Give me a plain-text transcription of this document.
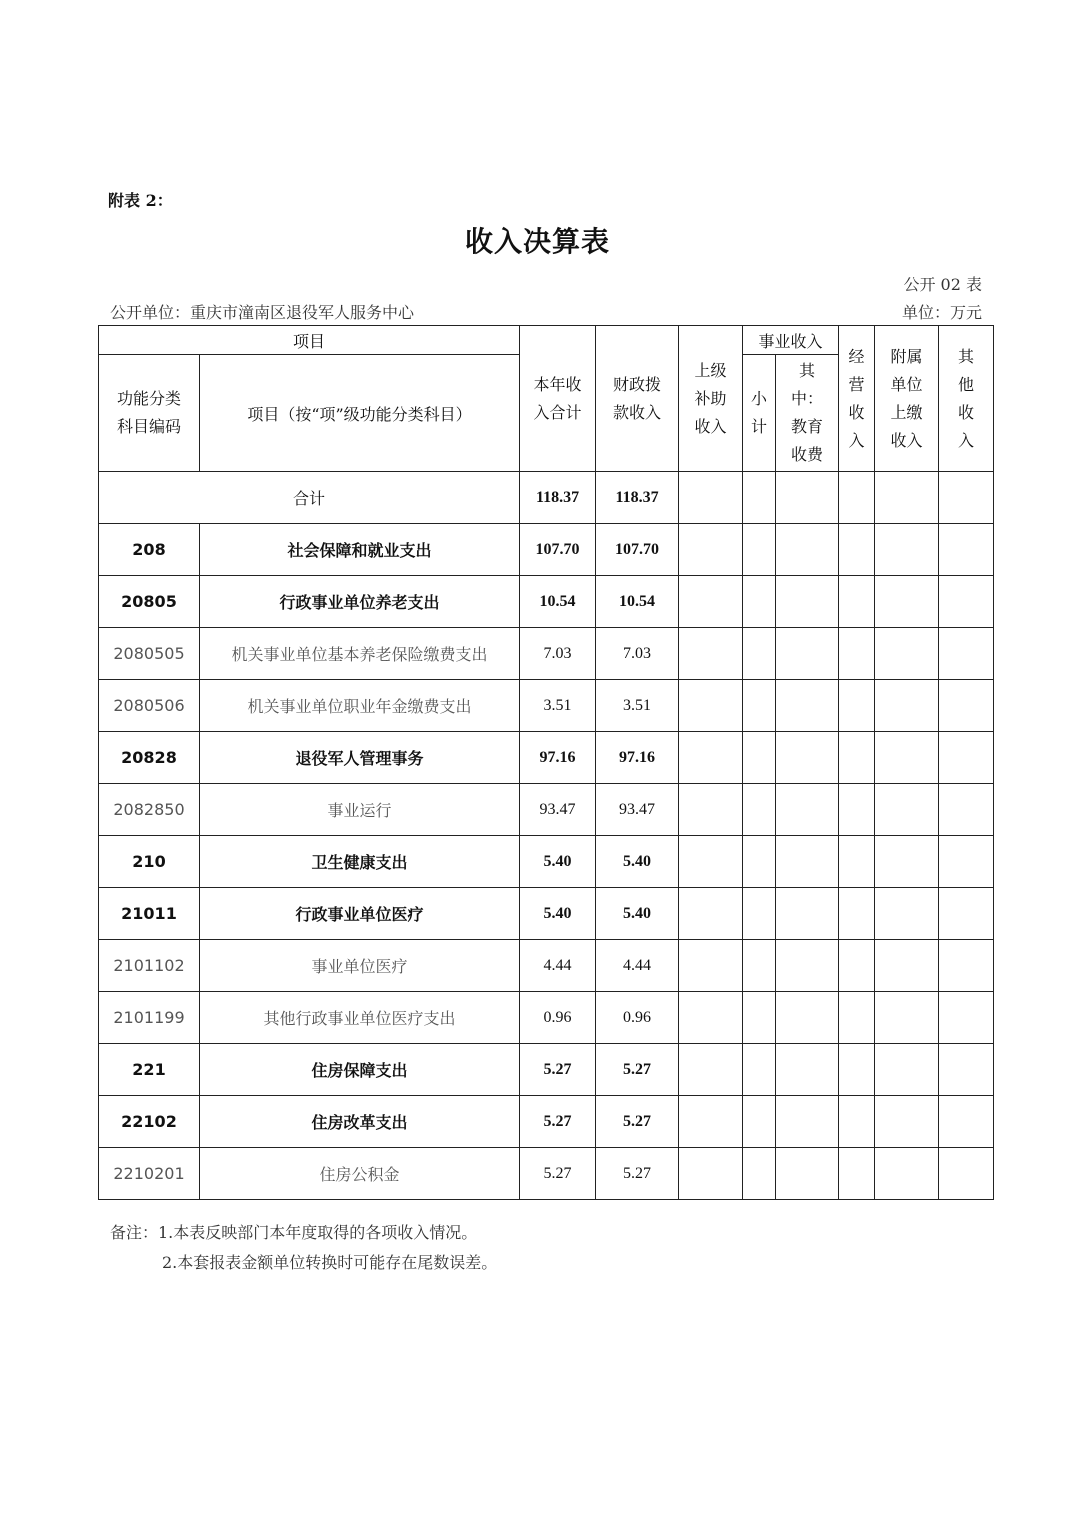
附表 2：
收入决算表
公开 02 表
公开单位：重庆市潼南区退役军人服务中心	单位：万元
项目		本年收入合计	财政拨款收入	上级补助收入	事业收入		经营收入	附属单位上缴收入	其他收入

功能分类科目编码	项目（按“项”级功能分类科目）				小计	其中：教育收费			

合计		118.37	118.37						
208	社会保障和就业支出	107.70	107.70						
20805	行政事业单位养老支出	10.54	10.54						
2080505	机关事业单位基本养老保险缴费支出	7.03	7.03						
2080506	机关事业单位职业年金缴费支出	3.51	3.51						
20828	退役军人管理事务	97.16	97.16						
2082850	事业运行	93.47	93.47						
210	卫生健康支出	5.40	5.40						
21011	行政事业单位医疗	5.40	5.40						
2101102	事业单位医疗	4.44	4.44						
2101199	其他行政事业单位医疗支出	0.96	0.96						
221	住房保障支出	5.27	5.27						
22102	住房改革支出	5.27	5.27						
2210201	住房公积金	5.27	5.27						
备注：1.本表反映部门本年度取得的各项收入情况。
2.本套报表金额单位转换时可能存在尾数误差。
